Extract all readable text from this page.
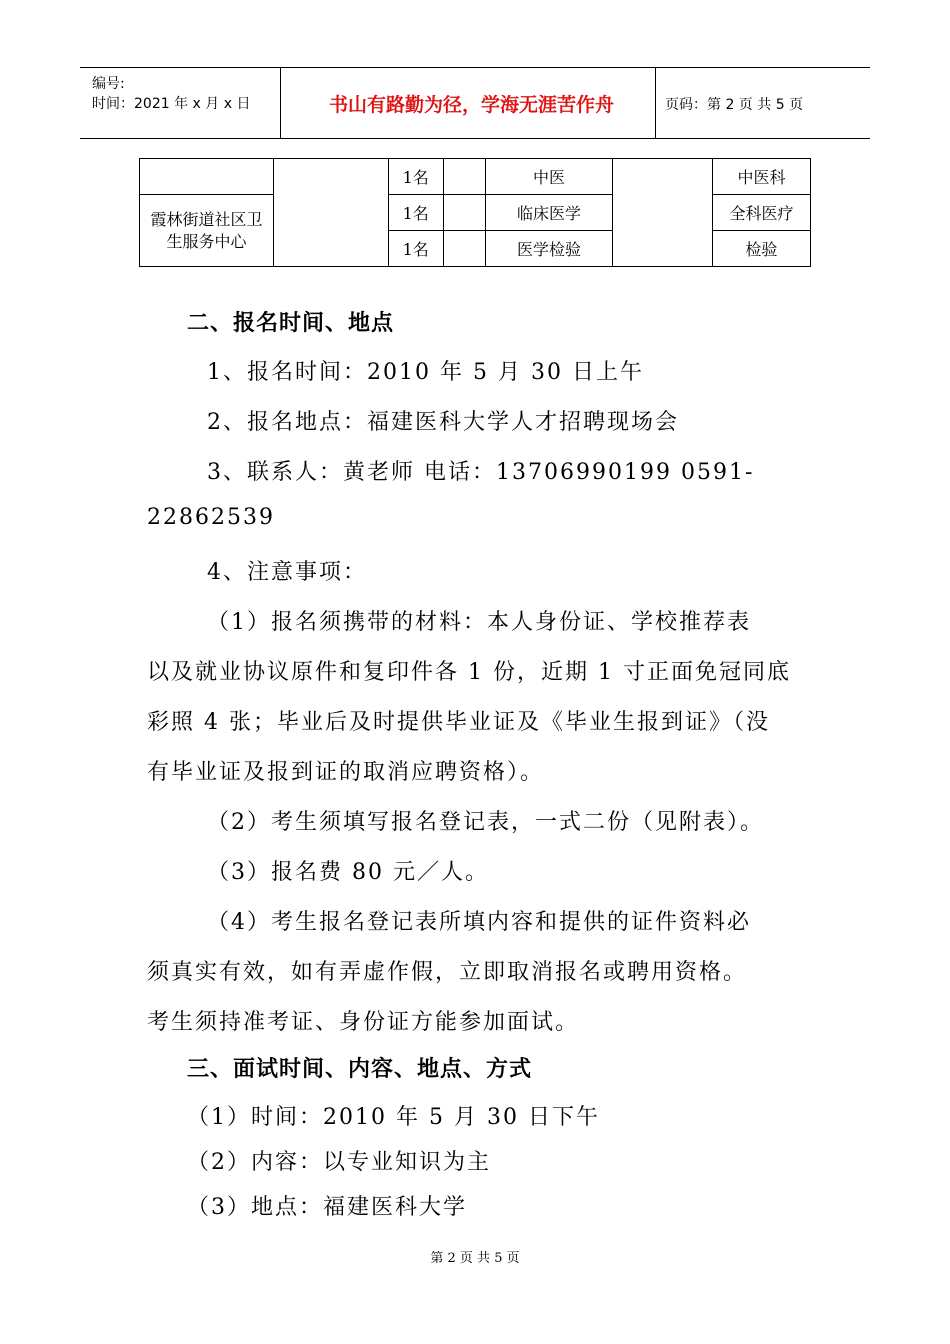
编号:
时间：2021 年 x 月 x 日	书山有路勤为径，学海无涯苦作舟	页码：第 2 页 共 5 页
		1名		中医		中医科

霞林街道社区卫生服务中心		1名		临床医学		全科医疗
		1名		医学检验		检验
二、报名时间、地点
1、报名时间：2010 年 5 月 30 日上午
2、报名地点：福建医科大学人才招聘现场会
3、联系人：黄老师 电话：13706990199 0591-
22862539
4、注意事项：
（1）报名须携带的材料：本人身份证、学校推荐表
以及就业协议原件和复印件各 1 份，近期 1 寸正面免冠同底
彩照 4 张；毕业后及时提供毕业证及《毕业生报到证》（没
有毕业证及报到证的取消应聘资格）。
（2）考生须填写报名登记表，一式二份（见附表）。
（3）报名费 80 元／人。
（4）考生报名登记表所填内容和提供的证件资料必
须真实有效，如有弄虚作假，立即取消报名或聘用资格。
考生须持准考证、身份证方能参加面试。
三、面试时间、内容、地点、方式
（1）时间：2010 年 5 月 30 日下午
（2）内容：以专业知识为主
（3）地点：福建医科大学
第 2 页 共 5 页
